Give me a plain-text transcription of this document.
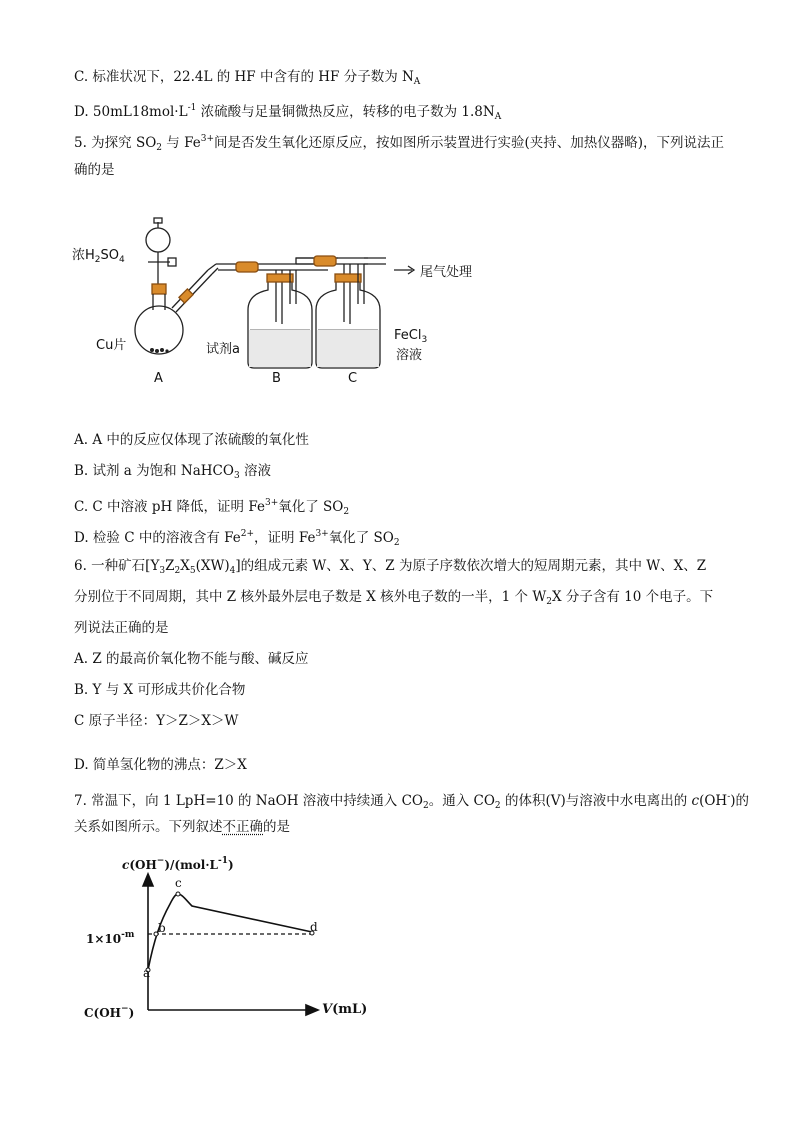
C. 标准状况下，22.4L 的 HF 中含有的 HF 分子数为 $N_A$
D. $50mL18mol\cdot L^{-1}$ 浓硫酸与足量铜微热反应，转移的电子数为 $1.8N_A$
5. 为探究 $SO_2$ 与 $Fe^{3+}$间是否发生氧化还原反应，按如图所示装置进行实验(夹持、加热仪器略)，下列说法正
确的是
浓$H_2SO_4$
尾气处理
Cu片	试剂a
FeCl$_3$
溶液
A	B	C
A. A 中的反应仅体现了浓硫酸的氧化性
B. 试剂 a 为饱和 NaHCO$_3$ 溶液
C. C 中溶液 pH 降低，证明 $Fe^{3+}$氧化了 $SO_2$
D. 检验 C 中的溶液含有 $Fe^{2+}$，证明 $Fe^{3+}$氧化了 $SO_2$
6. 一种矿石$[Y_3Z_2X_5(XW)_4]$的组成元素 W、X、Y、Z 为原子序数依次增大的短周期元素，其中 W、X、Z
分别位于不同周期，其中 Z 核外最外层电子数是 X 核外电子数的一半，1 个 $W_2X$ 分子含有 10 个电子。下
列说法正确的是
A. Z 的最高价氧化物不能与酸、碱反应
B. Y 与 X 可形成共价化合物
C 原子半径：Y＞Z＞X＞W
D. 简单氢化物的沸点：Z＞X
7. 常温下，向 1 LpH=10 的 NaOH 溶液中持续通入 $CO_2$。通入 $CO_2$ 的体积(V)与溶液中水电离出的 c(OH-)的
关系如图所示。下列叙述不正确的是
$c(OH^-)/(mol\cdot L^{-1})$
$1\times 10^{-m}$
C(OH−)	V(mL)
a
b
c
d
